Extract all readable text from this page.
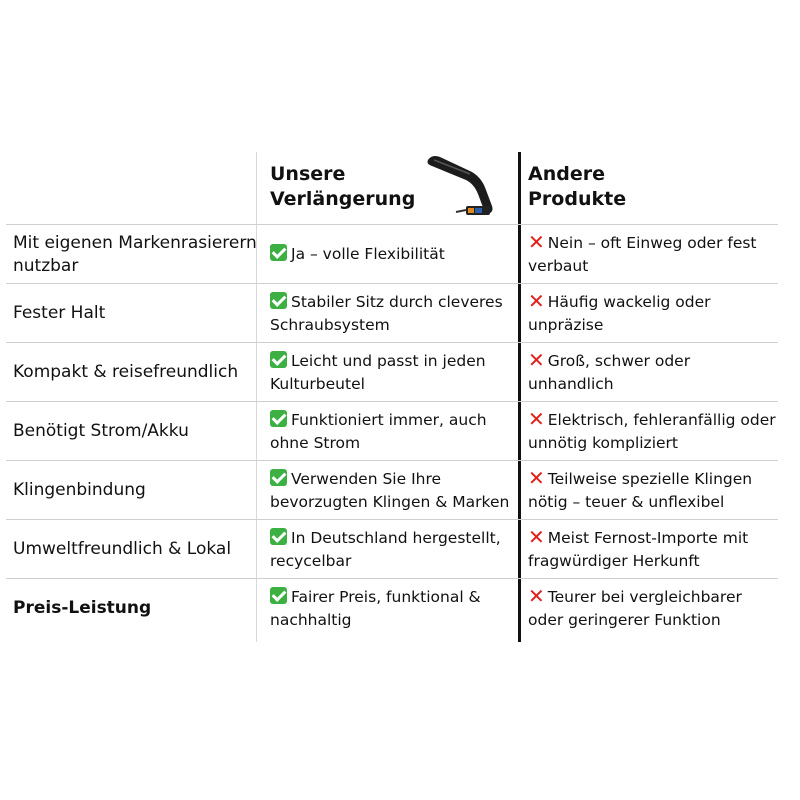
Unsere Verlängerung
Andere Produkte
Mit eigenen Markenrasierern nutzbar
Ja – volle Flexibilität
✕ Nein – oft Einweg oder fest verbaut
Fester Halt
Stabiler Sitz durch cleveres Schraubsystem
✕ Häufig wackelig oder unpräzise
Kompakt & reisefreundlich
Leicht und passt in jeden Kulturbeutel
✕ Groß, schwer oder unhandlich
Benötigt Strom/Akku
Funktioniert immer, auch ohne Strom
✕ Elektrisch, fehleranfällig oder unnötig kompliziert
Klingenbindung
Verwenden Sie Ihre bevorzugten Klingen & Marken
✕ Teilweise spezielle Klingen nötig – teuer & unflexibel
Umweltfreundlich & Lokal
In Deutschland hergestellt, recycelbar
✕ Meist Fernost-Importe mit fragwürdiger Herkunft
Preis-Leistung
Fairer Preis, funktional & nachhaltig
✕ Teurer bei vergleichbarer oder geringerer Funktion
